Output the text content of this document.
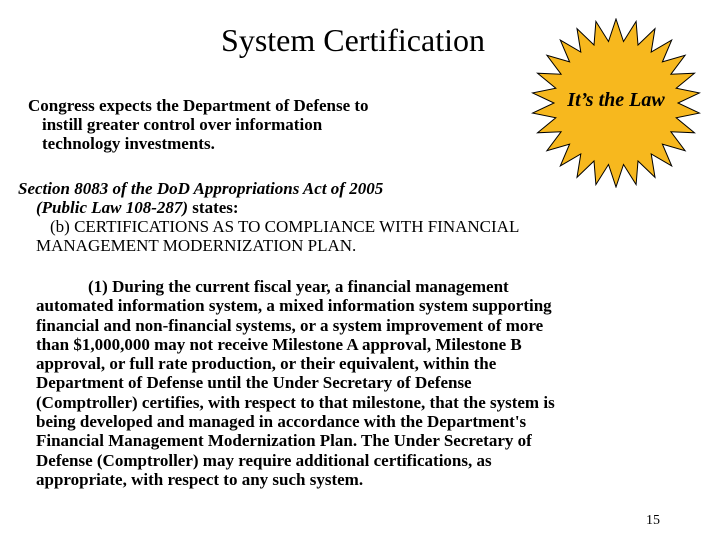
System Certification
Congress expects the Department of Defense to
instill greater control over information
technology investments.
It’s the Law
Section 8083 of the DoD Appropriations Act of 2005
(Public Law 108-287) states:
(b) CERTIFICATIONS AS TO COMPLIANCE WITH FINANCIAL
MANAGEMENT MODERNIZATION PLAN.
(1) During the current fiscal year, a financial management
automated information system, a mixed information system supporting
financial and non-financial systems, or a system improvement of more
than $1,000,000 may not receive Milestone A approval, Milestone B
approval, or full rate production, or their equivalent, within the
Department of Defense until the Under Secretary of Defense
(Comptroller) certifies, with respect to that milestone, that the system is
being developed and managed in accordance with the Department's
Financial Management Modernization Plan. The Under Secretary of
Defense (Comptroller) may require additional certifications, as
appropriate, with respect to any such system.
15
